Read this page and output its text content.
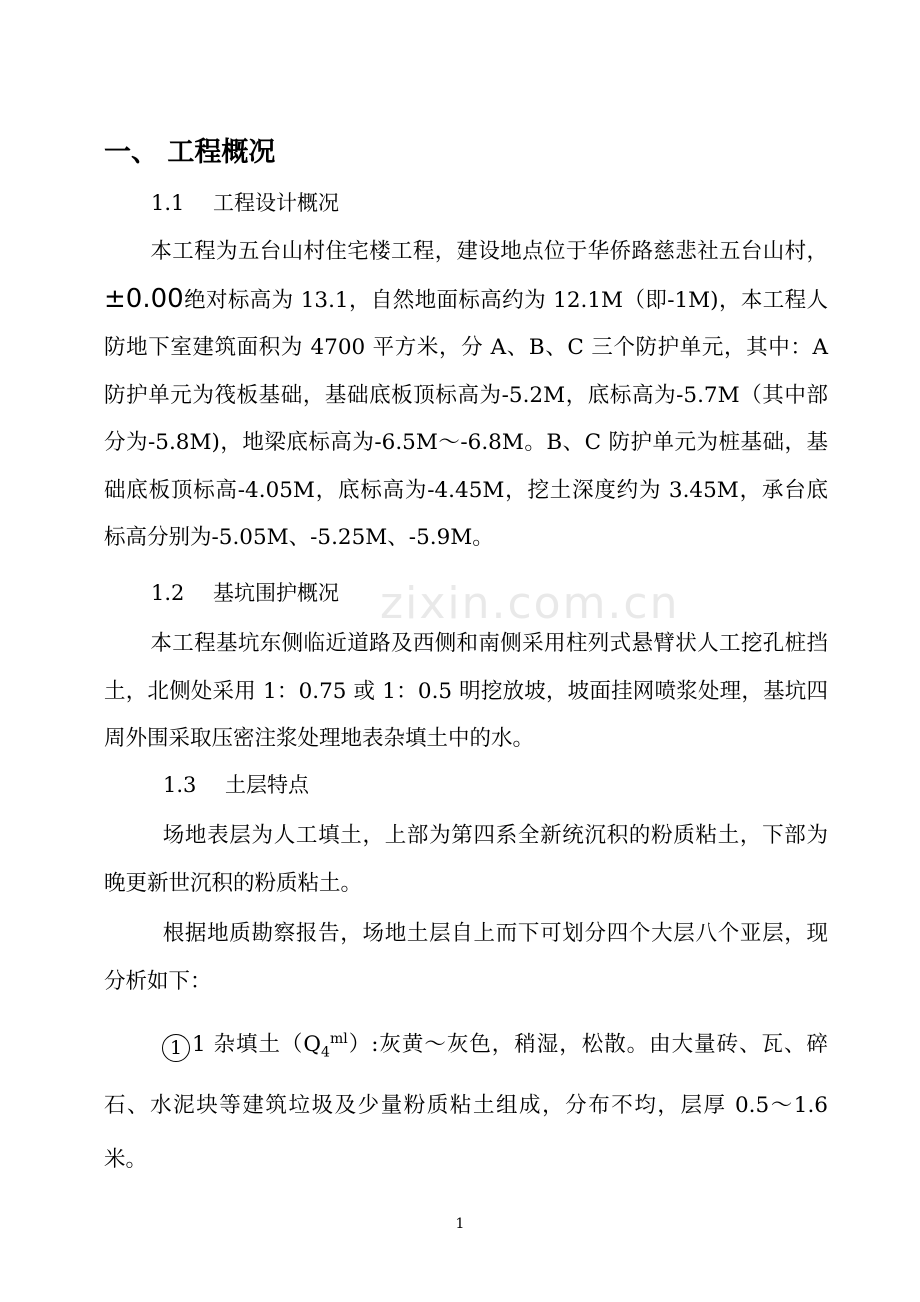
一、 工程概况
1.1 工程设计概况
本工程为五台山村住宅楼工程，建设地点位于华侨路慈悲社五台山村，±0.00绝对标高为 13.1，自然地面标高约为 12.1M（即-1M)，本工程人防地下室建筑面积为 4700 平方米，分 A、B、C 三个防护单元，其中：A 防护单元为筏板基础，基础底板顶标高为-5.2M，底标高为-5.7M（其中部分为-5.8M)，地梁底标高为-6.5M～-6.8M。B、C 防护单元为桩基础，基础底板顶标高-4.05M，底标高为-4.45M，挖土深度约为 3.45M，承台底标高分别为-5.05M、-5.25M、-5.9M。
1.2 基坑围护概况
本工程基坑东侧临近道路及西侧和南侧采用柱列式悬臂状人工挖孔桩挡土，北侧处采用 1：0.75 或 1：0.5 明挖放坡，坡面挂网喷浆处理，基坑四周外围采取压密注浆处理地表杂填土中的水。
1.3 土层特点
场地表层为人工填土，上部为第四系全新统沉积的粉质粘土，下部为晚更新世沉积的粉质粘土。
根据地质勘察报告，场地土层自上而下可划分四个大层八个亚层，现分析如下：
1 1 杂填土$(Q_4^{ml})$:灰黄～灰色，稍湿，松散。由大量砖、瓦、碎石、水泥块等建筑垃圾及少量粉质粘土组成，分布不均，层厚 0.5～1.6 米。
zixin.com.cn
1
